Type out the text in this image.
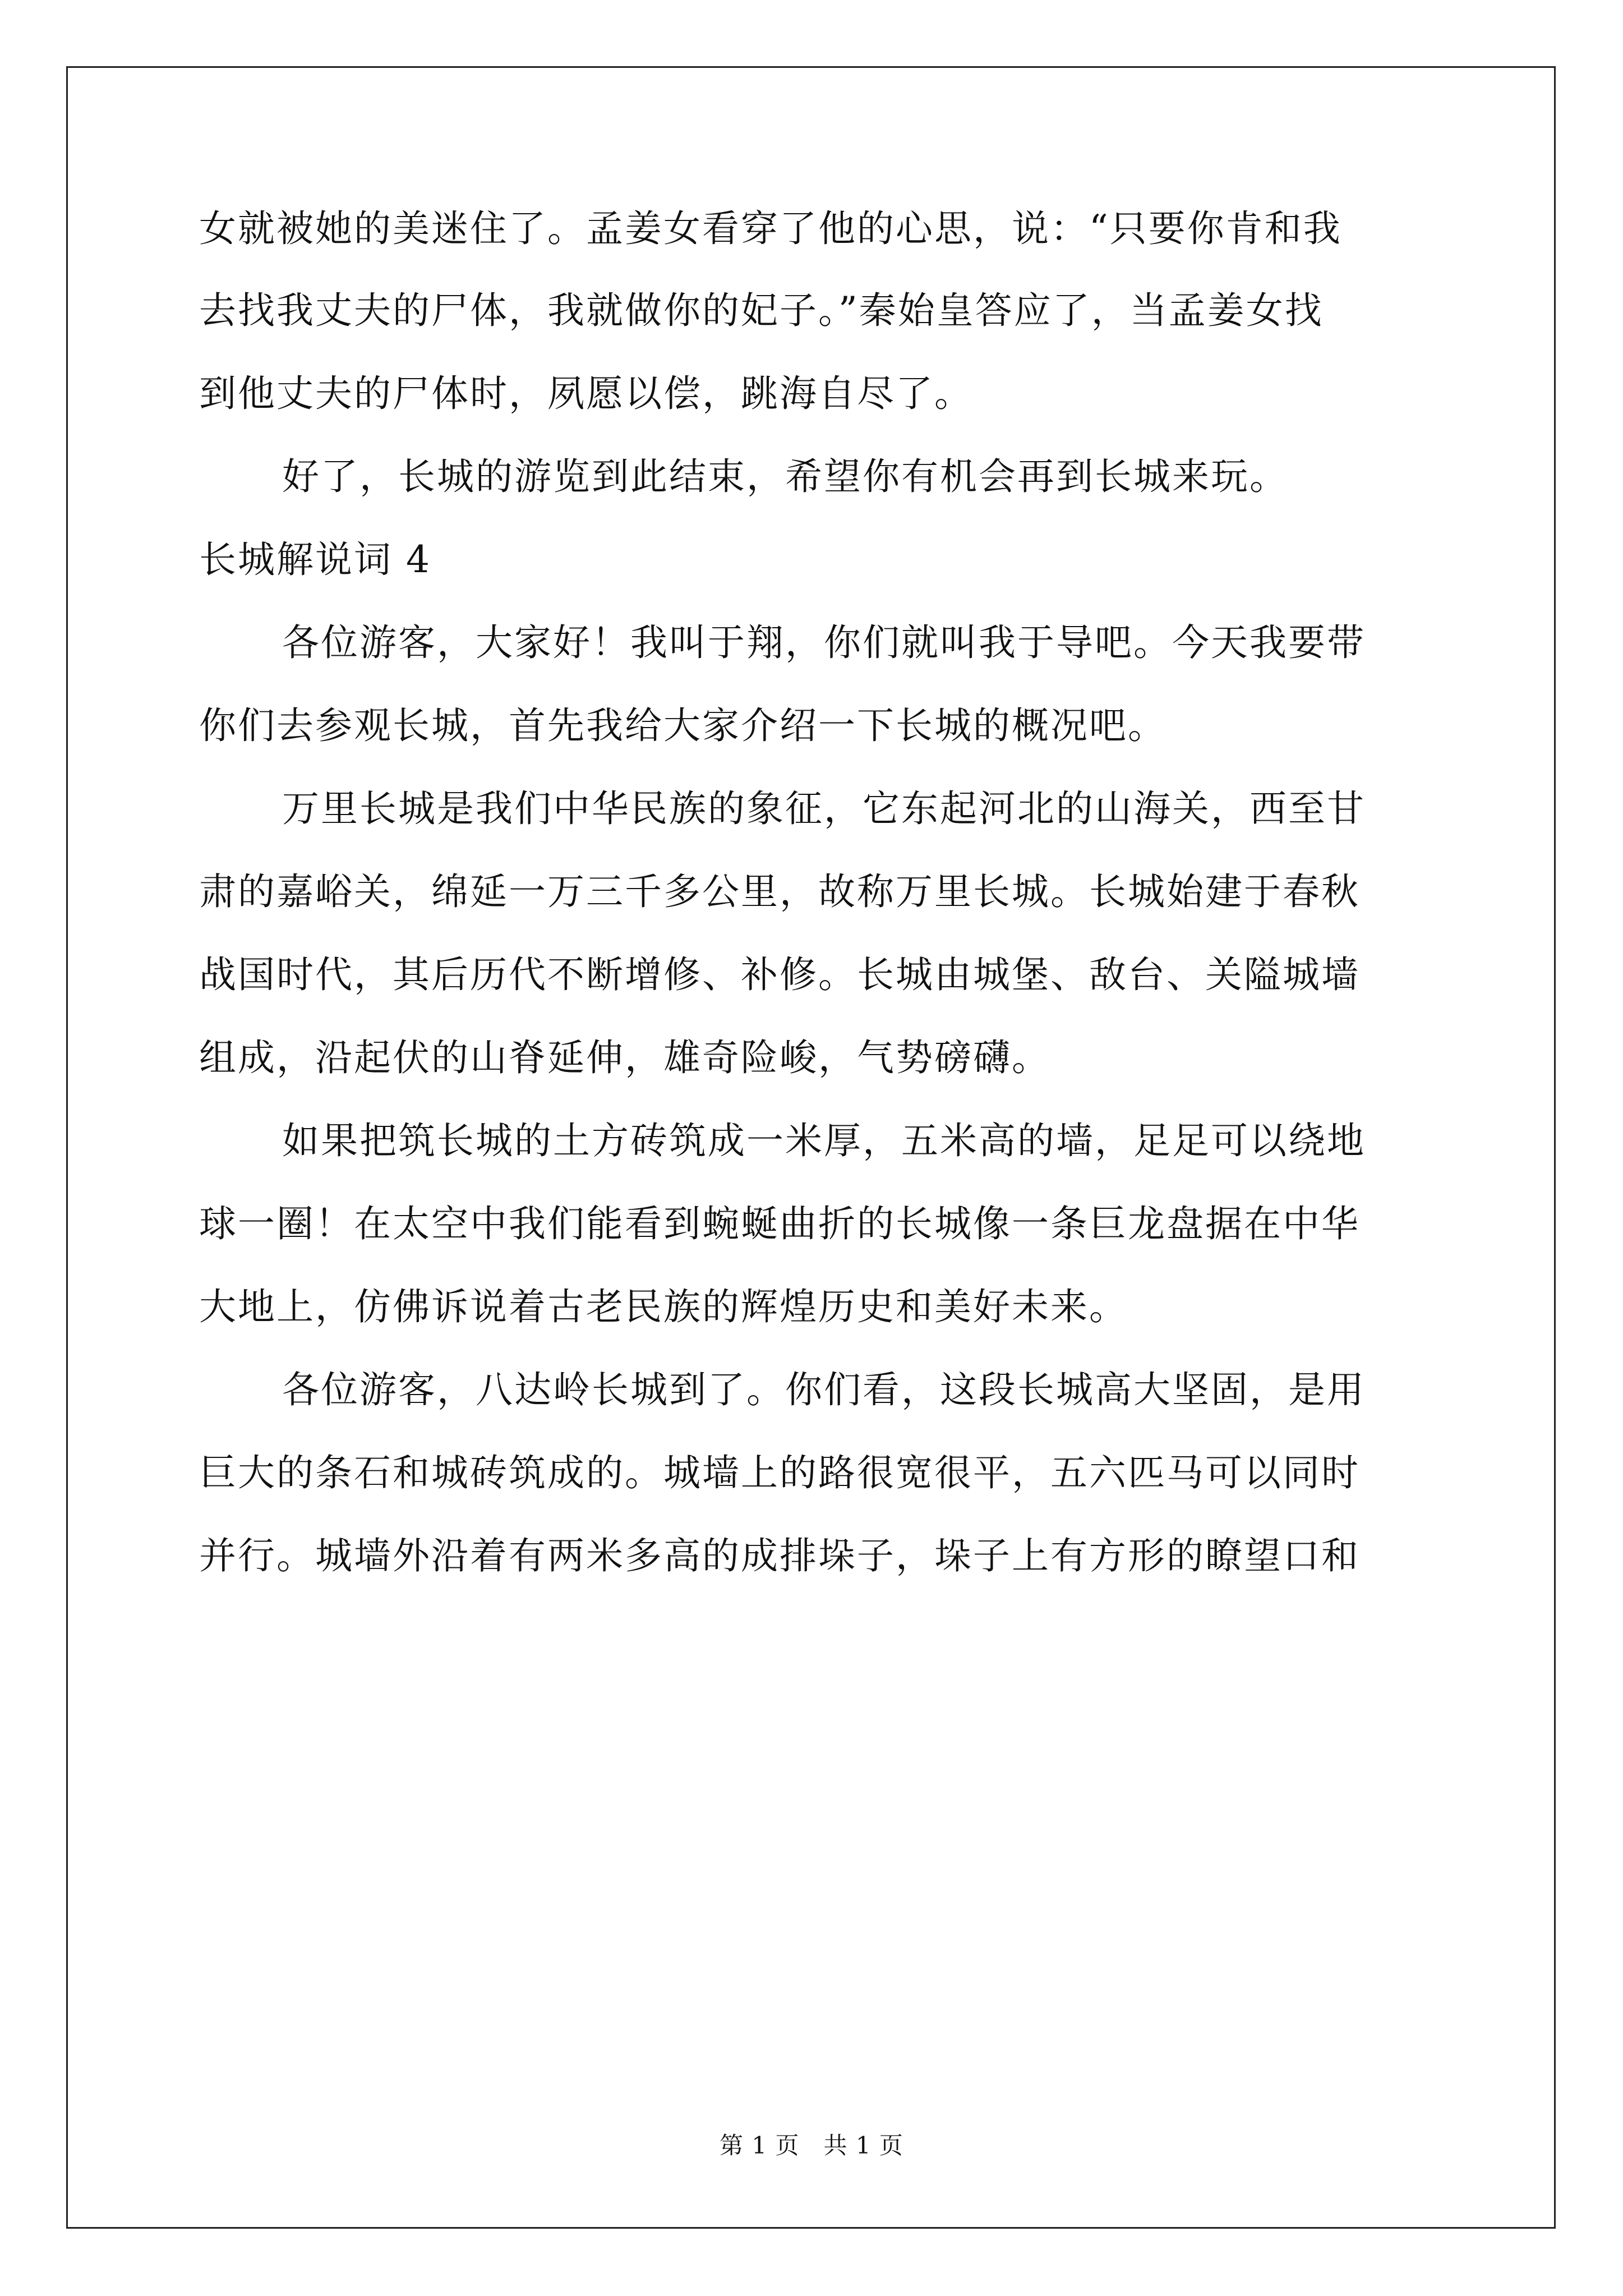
女就被她的美迷住了。孟姜女看穿了他的心思，说：“只要你肯和我
去找我丈夫的尸体，我就做你的妃子。”秦始皇答应了，当孟姜女找
到他丈夫的尸体时，夙愿以偿，跳海自尽了。
好了，长城的游览到此结束，希望你有机会再到长城来玩。
长城解说词 4
各位游客，大家好！我叫于翔，你们就叫我于导吧。今天我要带
你们去参观长城，首先我给大家介绍一下长城的概况吧。
万里长城是我们中华民族的象征，它东起河北的山海关，西至甘
肃的嘉峪关，绵延一万三千多公里，故称万里长城。长城始建于春秋
战国时代，其后历代不断增修、补修。长城由城堡、敌台、关隘城墙
组成，沿起伏的山脊延伸，雄奇险峻，气势磅礴。
如果把筑长城的土方砖筑成一米厚，五米高的墙，足足可以绕地
球一圈！在太空中我们能看到蜿蜒曲折的长城像一条巨龙盘据在中华
大地上，仿佛诉说着古老民族的辉煌历史和美好未来。
各位游客，八达岭长城到了。你们看，这段长城高大坚固，是用
巨大的条石和城砖筑成的。城墙上的路很宽很平，五六匹马可以同时
并行。城墙外沿着有两米多高的成排垛子，垛子上有方形的瞭望口和
第 1 页　共 1 页
